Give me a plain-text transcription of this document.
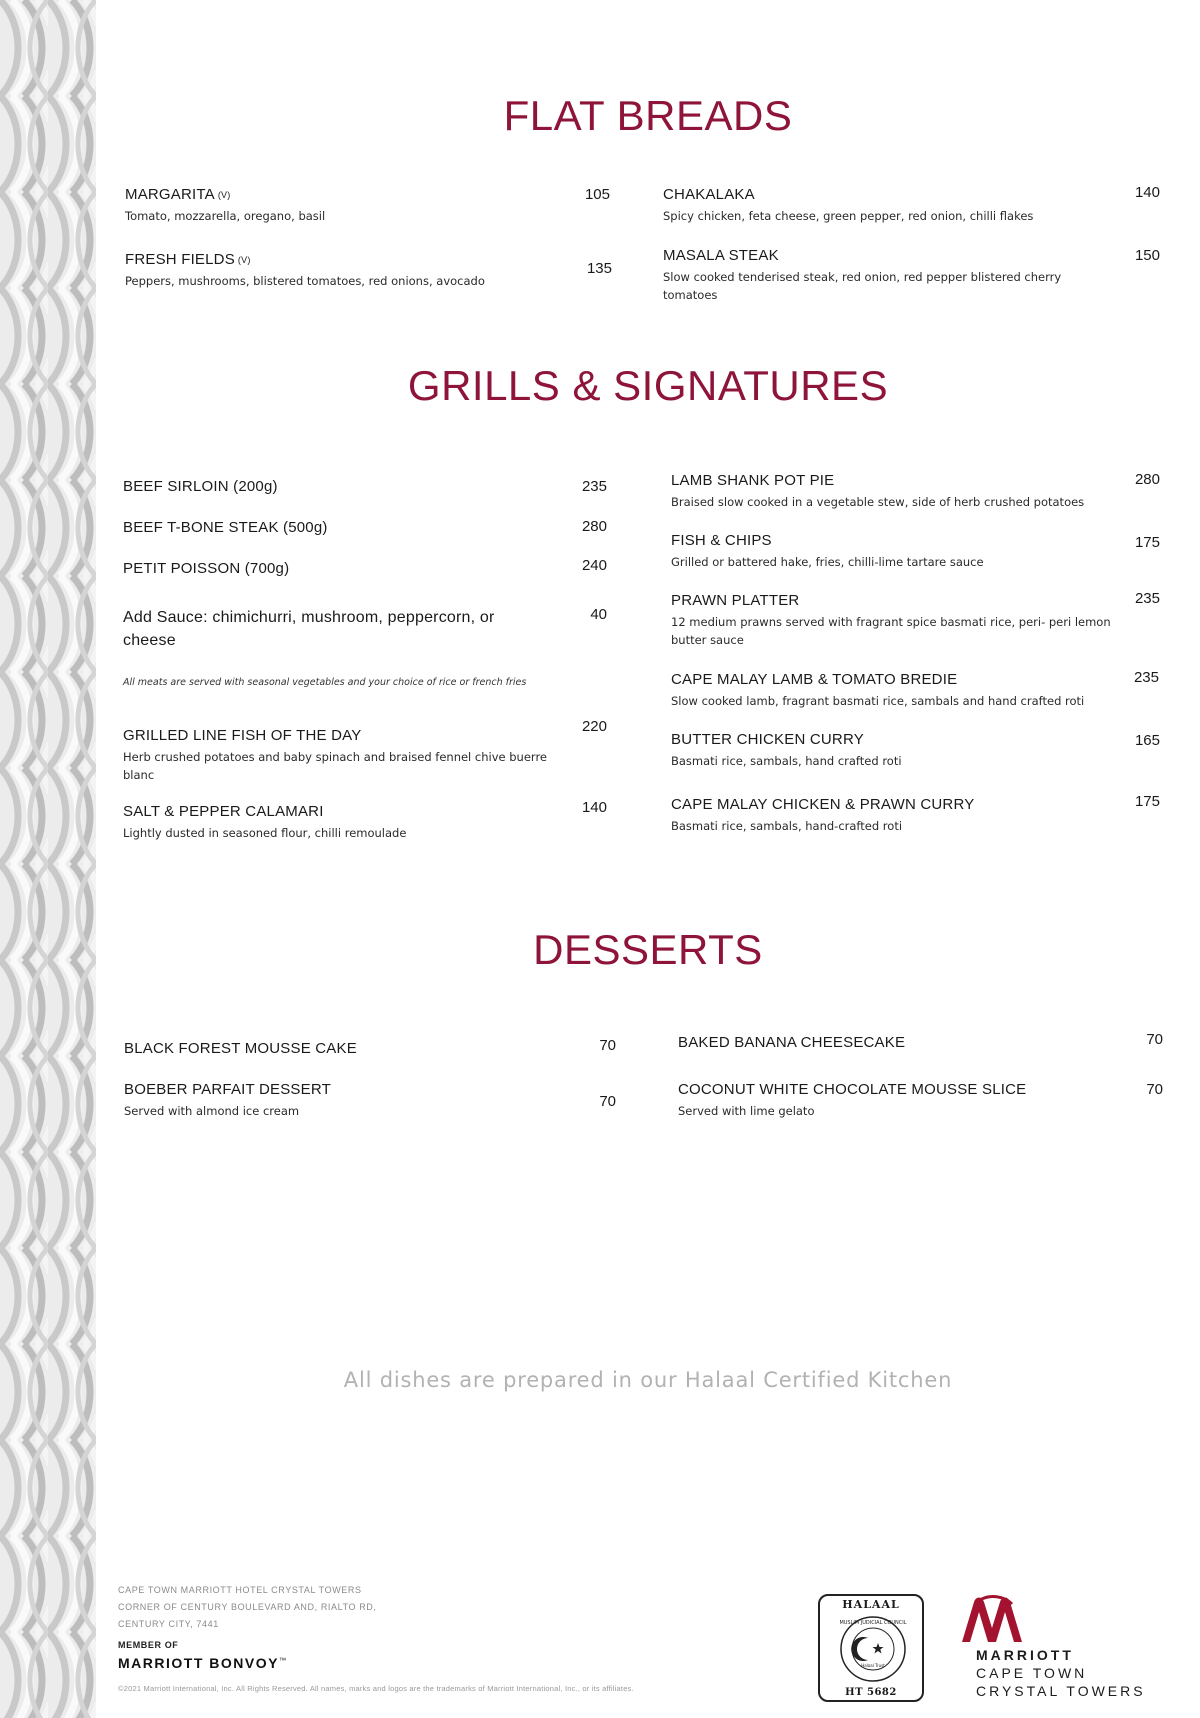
FLAT BREADS
MARGARITA (V)
Tomato, mozzarella, oregano, basil
105
FRESH FIELDS (V)
Peppers, mushrooms, blistered tomatoes, red onions, avocado
135
CHAKALAKA
Spicy chicken, feta cheese, green pepper, red onion, chilli flakes
140
MASALA STEAK
Slow cooked tenderised steak, red onion, red pepper blistered cherry tomatoes
150
GRILLS & SIGNATURES
BEEF SIRLOIN (200g)	235
BEEF T-BONE STEAK (500g)	280
PETIT POISSON (700g)	240
Add Sauce: chimichurri, mushroom, peppercorn, or cheese
40
All meats are served with seasonal vegetables and your choice of rice or french fries
GRILLED LINE FISH OF THE DAY
Herb crushed potatoes and baby spinach and braised fennel chive buerre blanc
220
SALT & PEPPER CALAMARI
Lightly dusted in seasoned flour, chilli remoulade
140
LAMB SHANK POT PIE
Braised slow cooked in a vegetable stew, side of herb crushed potatoes
280
FISH & CHIPS
Grilled or battered hake, fries, chilli-lime tartare sauce
175
PRAWN PLATTER
12 medium prawns served with fragrant spice basmati rice, peri- peri lemon butter sauce
235
CAPE MALAY LAMB & TOMATO BREDIE
Slow cooked lamb, fragrant basmati rice, sambals and hand crafted roti
235
BUTTER CHICKEN CURRY
Basmati rice, sambals, hand crafted roti
165
CAPE MALAY CHICKEN & PRAWN CURRY
Basmati rice, sambals, hand-crafted roti
175
DESSERTS
BLACK FOREST MOUSSE CAKE	70
BOEBER PARFAIT DESSERT
Served with almond ice cream
70
BAKED BANANA CHEESECAKE	70
COCONUT WHITE CHOCOLATE MOUSSE SLICE
Served with lime gelato
70
All dishes are prepared in our Halaal Certified Kitchen
CAPE TOWN MARRIOTT HOTEL CRYSTAL TOWERS
CORNER OF CENTURY BOULEVARD AND, RIALTO RD,
CENTURY CITY, 7441
MEMBER OF
MARRIOTT BONVOY™
©2021 Marriott International, Inc. All Rights Reserved. All names, marks and logos are the trademarks of Marriott International, Inc., or its affiliates.
HALAAL
MUSLIM JUDICIAL COUNCIL
Halaal Trust
HT 5682
MARRIOTT
CAPE TOWN
CRYSTAL TOWERS
